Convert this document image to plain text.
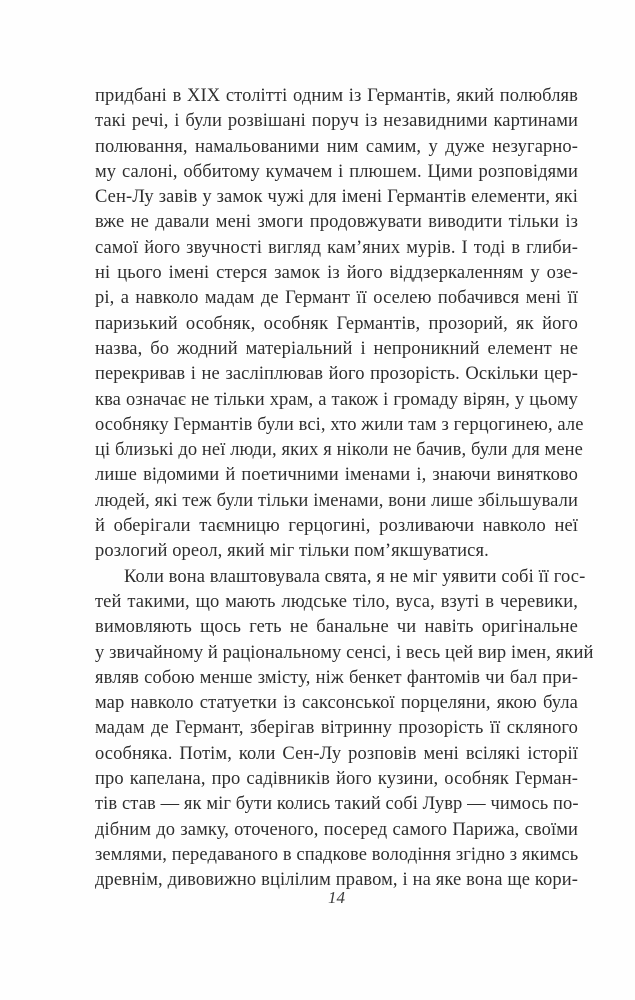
придбані в XIX столітті одним із Германтів, який полюбляв
такі речі, і були розвішані поруч із незавидними картинами
полювання, намальованими ним самим, у дуже незугарно-
му салоні, оббитому кумачем і плюшем. Цими розповідями
Сен-Лу завів у замок чужі для імені Германтів елементи, які
вже не давали мені змоги продовжувати виводити тільки із
самої його звучності вигляд кам’яних мурів. І тоді в глиби-
ні цього імені стерся замок із його віддзеркаленням у озе-
рі, а навколо мадам де Германт її оселею побачився мені її
паризький особняк, особняк Германтів, прозорий, як його
назва, бо жодний матеріальний і непроникний елемент не
перекривав і не засліплював його прозорість. Оскільки цер-
ква означає не тільки храм, а також і громаду вірян, у цьому
особняку Германтів були всі, хто жили там з герцогинею, але
ці близькі до неї люди, яких я ніколи не бачив, були для мене
лише відомими й поетичними іменами і, знаючи винятково
людей, які теж були тільки іменами, вони лише збільшували
й оберігали таємницю герцогині, розливаючи навколо неї
розлогий ореол, який міг тільки пом’якшуватися.
Коли вона влаштовувала свята, я не міг уявити собі її гос-
тей такими, що мають людське тіло, вуса, взуті в черевики,
вимовляють щось геть не банальне чи навіть оригінальне
у звичайному й раціональному сенсі, і весь цей вир імен, який
являв собою менше змісту, ніж бенкет фантомів чи бал при-
мар навколо статуетки із саксонської порцеляни, якою була
мадам де Германт, зберігав вітринну прозорість її скляного
особняка. Потім, коли Сен-Лу розповів мені всілякі історії
про капелана, про садівників його кузини, особняк Герман-
тів став — як міг бути колись такий собі Лувр — чимось по-
дібним до замку, оточеного, посеред самого Парижа, своїми
землями, передаваного в спадкове володіння згідно з якимсь
древнім, дивовижно вцілілим правом, і на яке вона ще кори-
14
